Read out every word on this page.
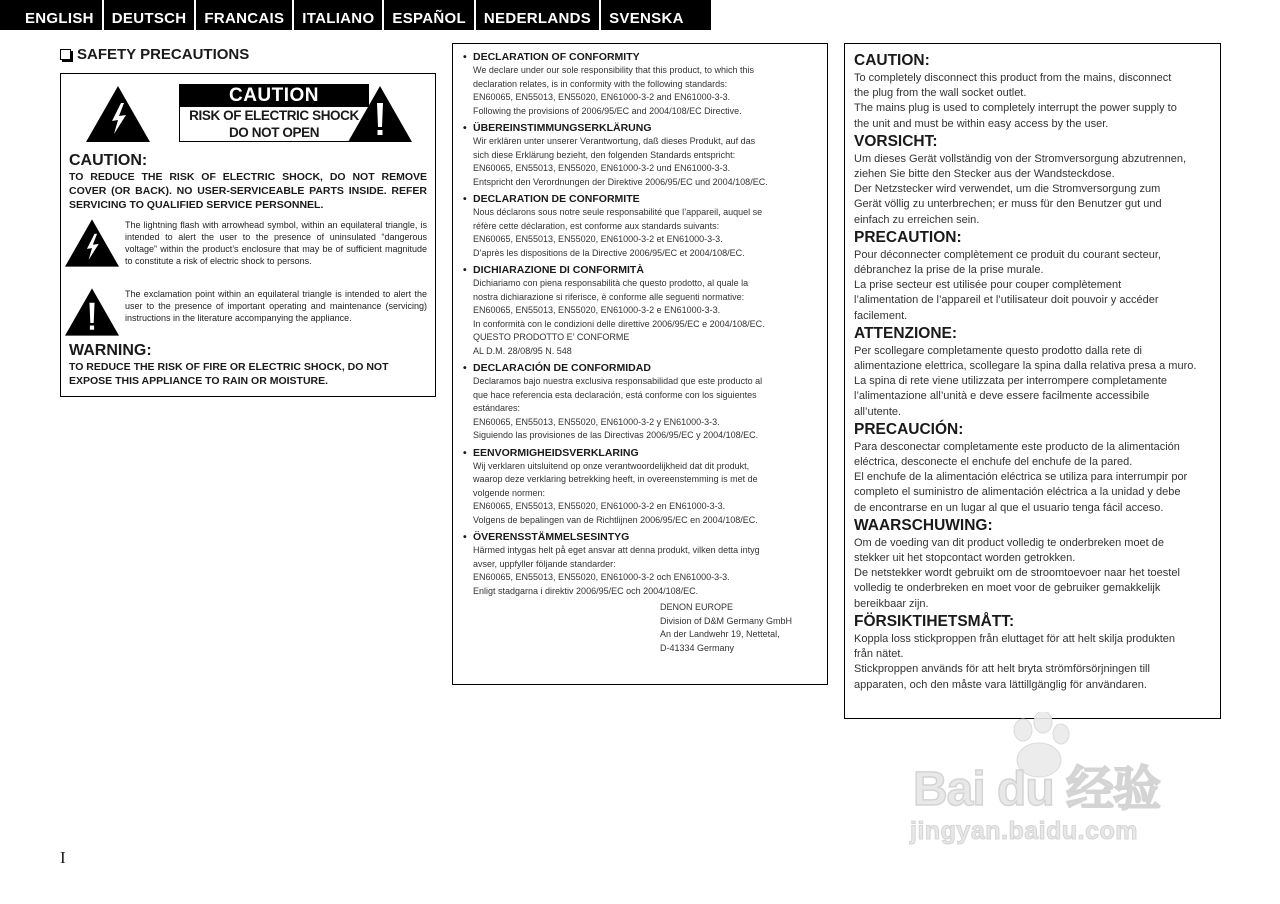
ENGLISH	DEUTSCH	FRANCAIS	ITALIANO	ESPAÑOL	NEDERLANDS	SVENSKA
SAFETY PRECAUTIONS
CAUTION
RISK OF ELECTRIC SHOCK
DO NOT OPEN
CAUTION:
TO REDUCE THE RISK OF ELECTRIC SHOCK, DO NOT REMOVE COVER (OR BACK). NO USER-SERVICEABLE PARTS INSIDE. REFER SERVICING TO QUALIFIED SERVICE PERSONNEL.
The lightning flash with arrowhead symbol, within an equilateral triangle, is intended to alert the user to the presence of uninsulated “dangerous voltage” within the product’s enclosure that may be of sufficient magnitude to constitute a risk of electric shock to persons.
The exclamation point within an equilateral triangle is intended to alert the user to the presence of important operating and maintenance (servicing) instructions in the literature accompanying the appliance.
WARNING:
TO REDUCE THE RISK OF FIRE OR ELECTRIC SHOCK, DO NOT EXPOSE THIS APPLIANCE TO RAIN OR MOISTURE.
• DECLARATION OF CONFORMITY
We declare under our sole responsibility that this product, to which this
declaration relates, is in conformity with the following standards:
EN60065, EN55013, EN55020, EN61000-3-2 and EN61000-3-3.
Following the provisions of 2006/95/EC and 2004/108/EC Directive.
• ÜBEREINSTIMMUNGSERKLÄRUNG
Wir erklären unter unserer Verantwortung, daß dieses Produkt, auf das
sich diese Erklärung bezieht, den folgenden Standards entspricht:
EN60065, EN55013, EN55020, EN61000-3-2 und EN61000-3-3.
Entspricht den Verordnungen der Direktive 2006/95/EC und 2004/108/EC.
• DECLARATION DE CONFORMITE
Nous déclarons sous notre seule responsabilité que l’appareil, auquel se
réfère cette déclaration, est conforme aux standards suivants:
EN60065, EN55013, EN55020, EN61000-3-2 et EN61000-3-3.
D’après les dispositions de la Directive 2006/95/EC et 2004/108/EC.
• DICHIARAZIONE DI CONFORMITÀ
Dichiariamo con piena responsabilità che questo prodotto, al quale la
nostra dichiarazione si riferisce, è conforme alle seguenti normative:
EN60065, EN55013, EN55020, EN61000-3-2 e EN61000-3-3.
In conformità con le condizioni delle direttive 2006/95/EC e 2004/108/EC.
QUESTO PRODOTTO E’ CONFORME
AL D.M. 28/08/95 N. 548
• DECLARACIÓN DE CONFORMIDAD
Declaramos bajo nuestra exclusiva responsabilidad que este producto al
que hace referencia esta declaración, está conforme con los siguientes
estándares:
EN60065, EN55013, EN55020, EN61000-3-2 y EN61000-3-3.
Siguiendo las provisiones de las Directivas 2006/95/EC y 2004/108/EC.
• EENVORMIGHEIDSVERKLARING
Wij verklaren uitsluitend op onze verantwoordelijkheid dat dit produkt,
waarop deze verklaring betrekking heeft, in overeenstemming is met de
volgende normen:
EN60065, EN55013, EN55020, EN61000-3-2 en EN61000-3-3.
Volgens de bepalingen van de Richtlijnen 2006/95/EC en 2004/108/EC.
• ÖVERENSSTÄMMELSESINTYG
Härmed intygas helt på eget ansvar att denna produkt, vilken detta intyg
avser, uppfyller följande standarder:
EN60065, EN55013, EN55020, EN61000-3-2 och EN61000-3-3.
Enligt stadgarna i direktiv 2006/95/EC och 2004/108/EC.
DENON EUROPE
Division of D&M Germany GmbH
An der Landwehr 19, Nettetal,
D-41334 Germany
CAUTION:
To completely disconnect this product from the mains, disconnect
the plug from the wall socket outlet.
The mains plug is used to completely interrupt the power supply to
the unit and must be within easy access by the user.
VORSICHT:
Um dieses Gerät vollständig von der Stromversorgung abzutrennen,
ziehen Sie bitte den Stecker aus der Wandsteckdose.
Der Netzstecker wird verwendet, um die Stromversorgung zum
Gerät völlig zu unterbrechen; er muss für den Benutzer gut und
einfach zu erreichen sein.
PRECAUTION:
Pour déconnecter complètement ce produit du courant secteur,
débranchez la prise de la prise murale.
La prise secteur est utilisée pour couper complètement
l’alimentation de l’appareil et l’utilisateur doit pouvoir y accéder
facilement.
ATTENZIONE:
Per scollegare completamente questo prodotto dalla rete di
alimentazione elettrica, scollegare la spina dalla relativa presa a muro.
La spina di rete viene utilizzata per interrompere completamente
l’alimentazione all’unità e deve essere facilmente accessibile
all’utente.
PRECAUCIÓN:
Para desconectar completamente este producto de la alimentación
eléctrica, desconecte el enchufe del enchufe de la pared.
El enchufe de la alimentación eléctrica se utiliza para interrumpir por
completo el suministro de alimentación eléctrica a la unidad y debe
de encontrarse en un lugar al que el usuario tenga fácil acceso.
WAARSCHUWING:
Om de voeding van dit product volledig te onderbreken moet de
stekker uit het stopcontact worden getrokken.
De netstekker wordt gebruikt om de stroomtoevoer naar het toestel
volledig te onderbreken en moet voor de gebruiker gemakkelijk
bereikbaar zijn.
FÖRSIKTIHETSMÅTT:
Koppla loss stickproppen från eluttaget för att helt skilja produkten
från nätet.
Stickproppen används för att helt bryta strömförsörjningen till
apparaten, och den måste vara lättillgänglig för användaren.
I
Bai du 经验
jingyan.baidu.com
